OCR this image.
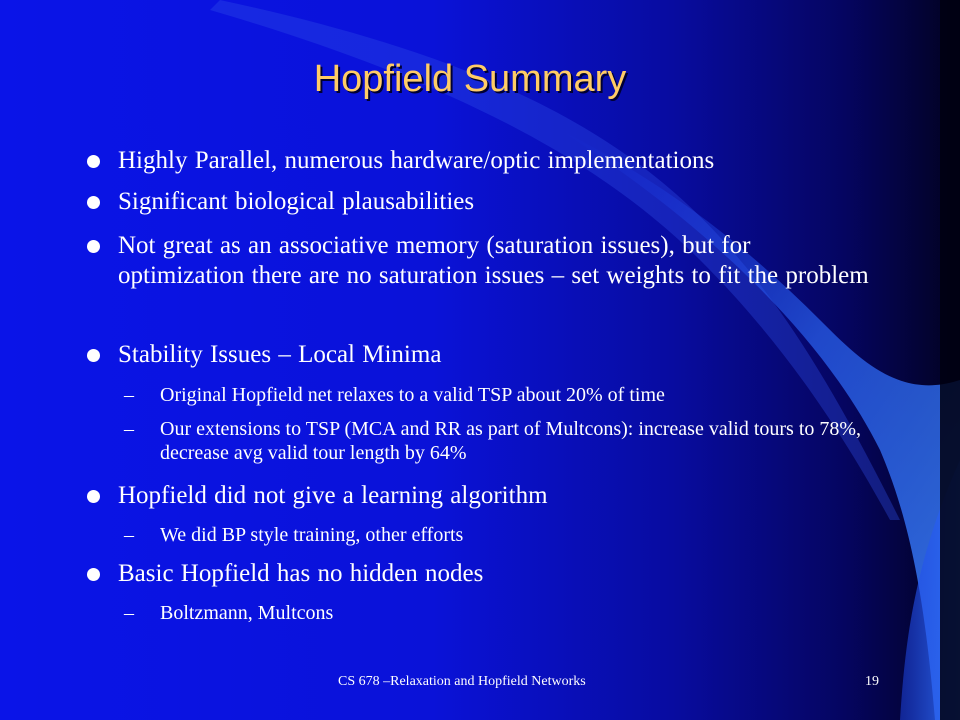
Hopfield Summary
Highly Parallel, numerous hardware/optic implementations
Significant biological plausabilities
Not great as an associative memory (saturation issues), but for optimization there are no saturation issues – set weights to fit the problem
Stability Issues – Local Minima
–	Original Hopfield net relaxes to a valid TSP about 20% of time
–	Our extensions to TSP (MCA and RR as part of Multcons): increase valid tours to 78%, decrease avg valid tour length by 64%
Hopfield did not give a learning algorithm
–	We did BP style training, other efforts
Basic Hopfield has no hidden nodes
–	Boltzmann, Multcons
CS 678 –Relaxation and Hopfield Networks	19
